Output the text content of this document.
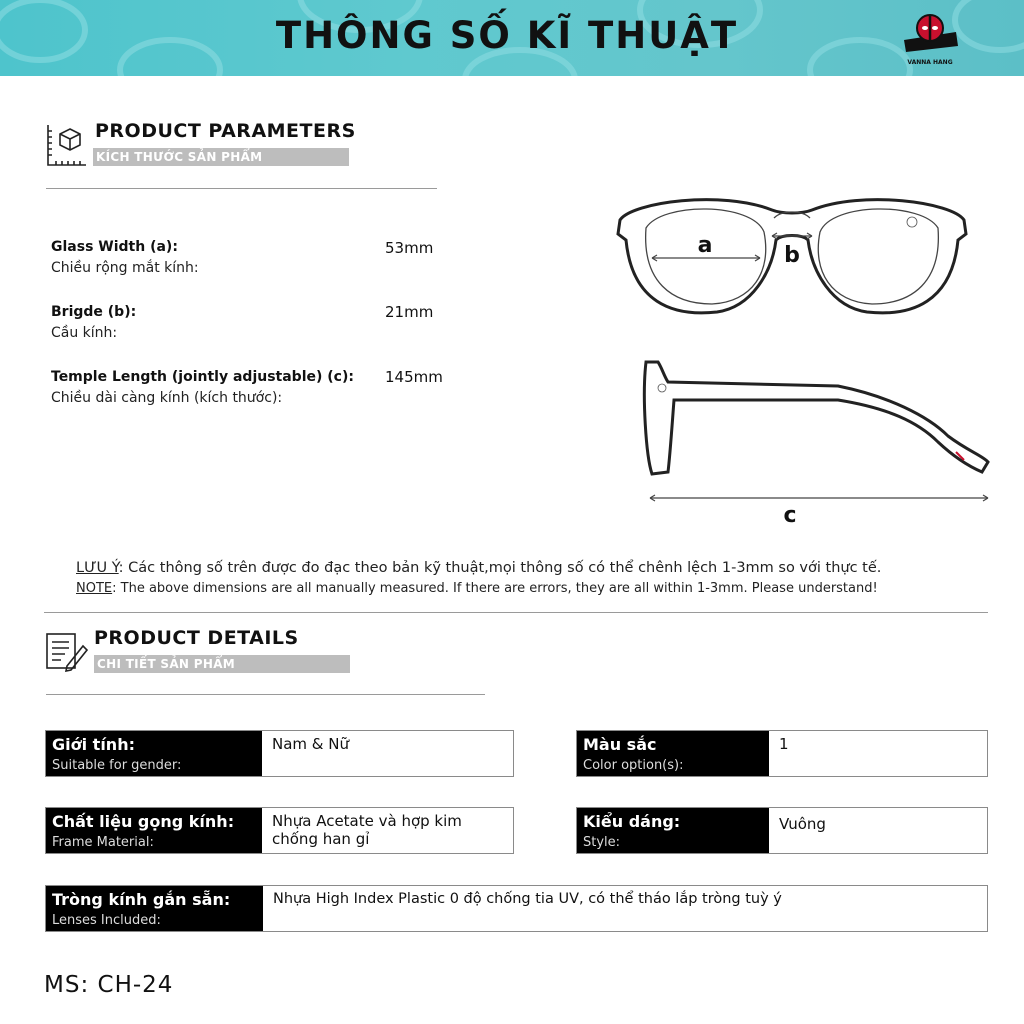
THÔNG SỐ KĨ THUẬT
VANNA HANG
PRODUCT PARAMETERS
KÍCH THƯỚC SẢN PHẨM
Glass Width (a):
Chiều rộng mắt kính:
53mm
Brigde (b):
Cầu kính:
21mm
Temple Length (jointly adjustable) (c):
Chiều dài càng kính (kích thước):
145mm
a	b
c
LƯU Ý: Các thông số trên được đo đạc theo bản kỹ thuật,mọi thông số có thể chênh lệch 1-3mm so với thực tế.
NOTE: The above dimensions are all manually measured. If there are errors, they are all within 1-3mm. Please understand!
PRODUCT DETAILS
CHI TIẾT SẢN PHẨM
Giới tính:
Suitable for gender:
Nam & Nữ	Màu sắc
Color option(s):
1
Chất liệu gọng kính:
Frame Material:
Nhựa Acetate và hợp kim
chống han gỉ
Kiểu dáng:
Style:
Vuông
Tròng kính gắn sẵn:
Lenses Included:
Nhựa High Index Plastic 0 độ chống tia UV, có thể tháo lắp tròng tuỳ ý
MS: CH-24
